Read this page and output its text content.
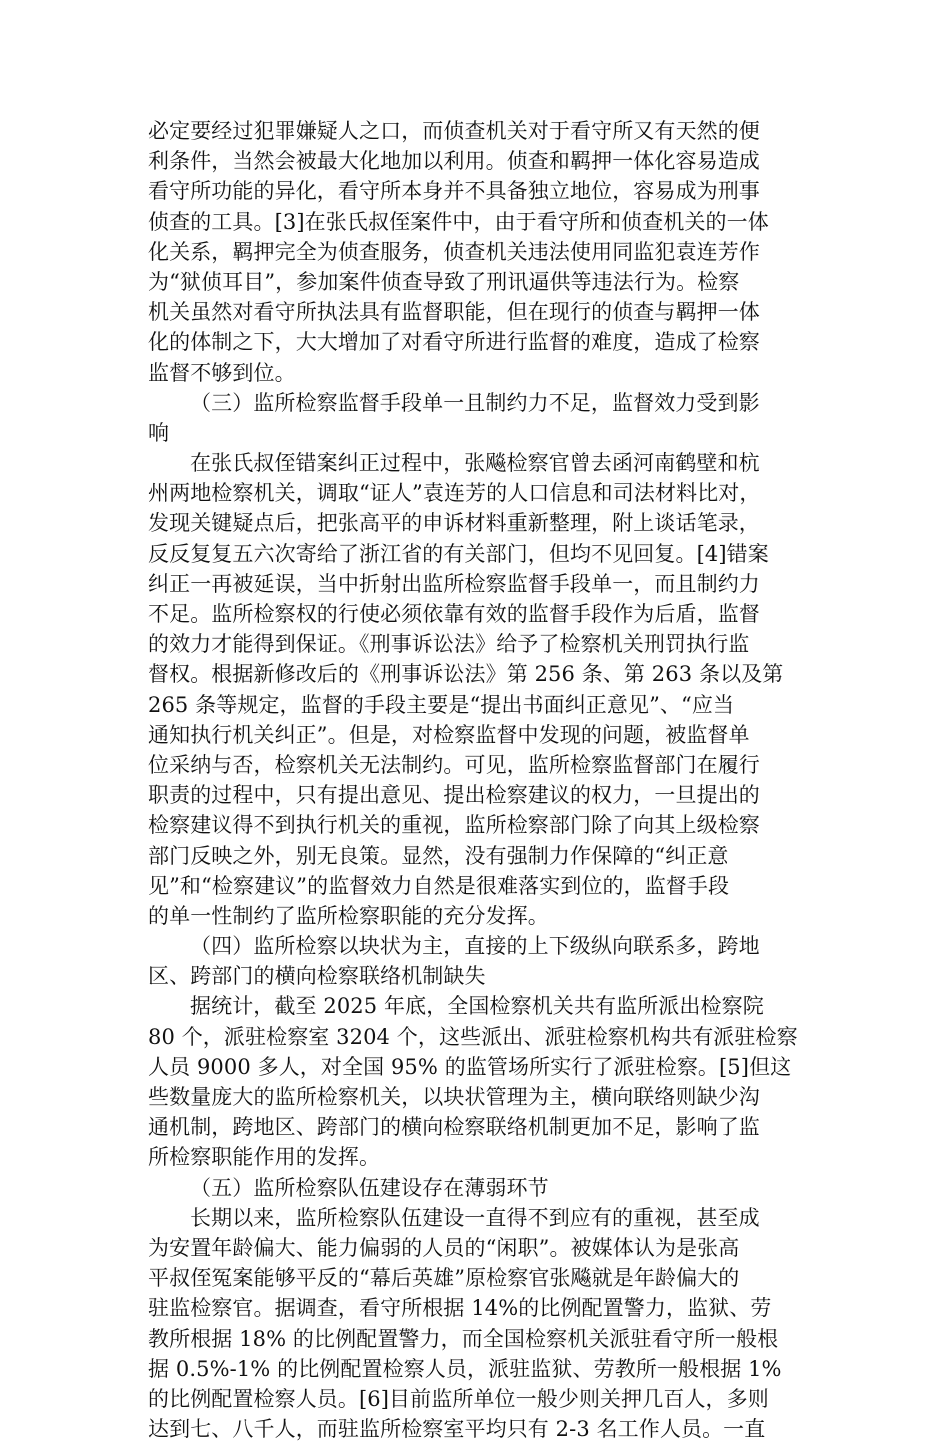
必定要经过犯罪嫌疑人之口，而侦查机关对于看守所又有天然的便
利条件，当然会被最大化地加以利用。侦查和羁押一体化容易造成
看守所功能的异化，看守所本身并不具备独立地位，容易成为刑事
侦查的工具。[3]在张氏叔侄案件中，由于看守所和侦查机关的一体
化关系，羁押完全为侦查服务，侦查机关违法使用同监犯袁连芳作
为“狱侦耳目”，参加案件侦查导致了刑讯逼供等违法行为。检察
机关虽然对看守所执法具有监督职能，但在现行的侦查与羁押一体
化的体制之下，大大增加了对看守所进行监督的难度，造成了检察
监督不够到位。
（三）监所检察监督手段单一且制约力不足，监督效力受到影
响
在张氏叔侄错案纠正过程中，张飚检察官曾去函河南鹤壁和杭
州两地检察机关，调取“证人”袁连芳的人口信息和司法材料比对，
发现关键疑点后，把张高平的申诉材料重新整理，附上谈话笔录，
反反复复五六次寄给了浙江省的有关部门，但均不见回复。[4]错案
纠正一再被延误，当中折射出监所检察监督手段单一，而且制约力
不足。监所检察权的行使必须依靠有效的监督手段作为后盾，监督
的效力才能得到保证。《刑事诉讼法》给予了检察机关刑罚执行监
督权。根据新修改后的《刑事诉讼法》第 256 条、第 263 条以及第
265 条等规定，监督的手段主要是“提出书面纠正意见”、“应当
通知执行机关纠正”。但是，对检察监督中发现的问题，被监督单
位采纳与否，检察机关无法制约。可见，监所检察监督部门在履行
职责的过程中，只有提出意见、提出检察建议的权力，一旦提出的
检察建议得不到执行机关的重视，监所检察部门除了向其上级检察
部门反映之外，别无良策。显然，没有强制力作保障的“纠正意
见”和“检察建议”的监督效力自然是很难落实到位的，监督手段
的单一性制约了监所检察职能的充分发挥。
（四）监所检察以块状为主，直接的上下级纵向联系多，跨地
区、跨部门的横向检察联络机制缺失
据统计，截至 2025 年底，全国检察机关共有监所派出检察院
80 个，派驻检察室 3204 个，这些派出、派驻检察机构共有派驻检察
人员 9000 多人，对全国 95% 的监管场所实行了派驻检察。[5]但这
些数量庞大的监所检察机关，以块状管理为主，横向联络则缺少沟
通机制，跨地区、跨部门的横向检察联络机制更加不足，影响了监
所检察职能作用的发挥。
（五）监所检察队伍建设存在薄弱环节
长期以来，监所检察队伍建设一直得不到应有的重视，甚至成
为安置年龄偏大、能力偏弱的人员的“闲职”。被媒体认为是张高
平叔侄冤案能够平反的“幕后英雄”原检察官张飚就是年龄偏大的
驻监检察官。据调查，看守所根据 14%的比例配置警力，监狱、劳
教所根据 18% 的比例配置警力，而全国检察机关派驻看守所一般根
据 0.5%-1% 的比例配置检察人员，派驻监狱、劳教所一般根据 1%
的比例配置检察人员。[6]目前监所单位一般少则关押几百人，多则
达到七、八千人，而驻监所检察室平均只有 2-3 名工作人员。一直
